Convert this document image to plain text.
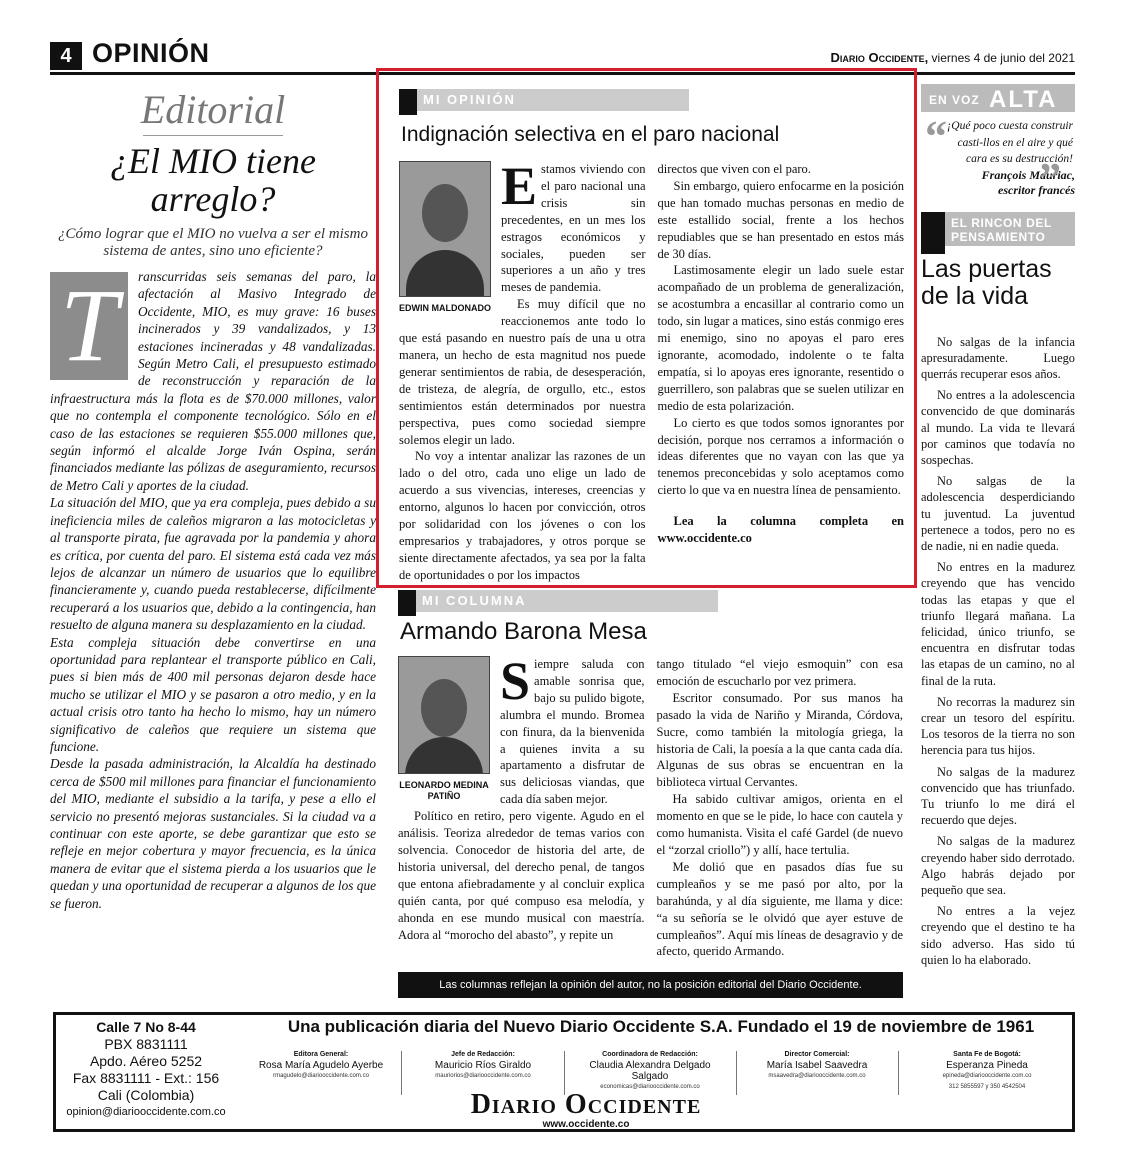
4 OPINIÓN	Diario Occidente, viernes 4 de junio del 2021
Editorial
¿El MIO tiene arreglo?
¿Cómo lograr que el MIO no vuelva a ser el mismo sistema de antes, sino uno eficiente?
T	ranscurridas seis semanas del paro, la afectación al Masivo Integrado de Occidente, MIO, es muy grave: 16 buses incinerados y 39 vandalizados, y 13 estaciones incineradas y 48 vandalizadas. Según Metro Cali, el presupuesto estimado de reconstrucción y reparación de la infraestructura más la flota es de $70.000 millones, valor que no contempla el componente tecnológico. Sólo en el caso de las estaciones se requieren $55.000 millones que, según informó el alcalde Jorge Iván Ospina, serán financiados mediante las pólizas de aseguramiento, recursos de Metro Cali y aportes de la ciudad.

La situación del MIO, que ya era compleja, pues debido a su ineficiencia miles de caleños migraron a las motocicletas y al transporte pirata, fue agravada por la pandemia y ahora es crítica, por cuenta del paro. El sistema está cada vez más lejos de alcanzar un número de usuarios que lo equilibre financieramente y, cuando pueda restablecerse, difícilmente recuperará a los usuarios que, debido a la contingencia, han resuelto de alguna manera su desplazamiento en la ciudad.

Esta compleja situación debe convertirse en una oportunidad para replantear el transporte público en Cali, pues si bien más de 400 mil personas dejaron desde hace mucho se utilizar el MIO y se pasaron a otro medio, y en la actual crisis otro tanto ha hecho lo mismo, hay un número significativo de caleños que requiere un sistema que funcione.

Desde la pasada administración, la Alcaldía ha destinado cerca de $500 mil millones para financiar el funcionamiento del MIO, mediante el subsidio a la tarifa, y pese a ello el servicio no presentó mejoras sustanciales. Si la ciudad va a continuar con este aporte, se debe garantizar que esto se refleje en mejor cobertura y mayor frecuencia, es la única manera de evitar que el sistema pierda a los usuarios que le quedan y una oportunidad de recuperar a algunos de los que se fueron.

MI OPINIÓN
Indignación selectiva en el paro nacional
EDWIN MALDONADO
E stamos viviendo con el paro nacional una crisis sin precedentes, en un mes los estragos económicos y sociales, pueden ser superiores a un año y tres meses de pandemia.

Es muy difícil que no reaccionemos ante todo lo que está pasando en nuestro país de una u otra manera, un hecho de esta magnitud nos puede generar sentimientos de rabia, de desesperación, de tristeza, de alegría, de orgullo, etc., estos sentimientos están determinados por nuestra perspectiva, pues como sociedad siempre solemos elegir un lado.

No voy a intentar analizar las razones de un lado o del otro, cada uno elige un lado de acuerdo a sus vivencias, intereses, creencias y entorno, algunos lo hacen por convicción, otros por solidaridad con los jóvenes o con los empresarios y trabajadores, y otros porque se siente directamente afectados, ya sea por la falta de oportunidades o por los impactos

directos que viven con el paro.

Sin embargo, quiero enfocarme en la posición que han tomado muchas personas en medio de este estallido social, frente a los hechos repudiables que se han presentado en estos más de 30 días.

Lastimosamente elegir un lado suele estar acompañado de un problema de generalización, se acostumbra a encasillar al contrario como un todo, sin lugar a matices, sino estás conmigo eres mi enemigo, sino no apoyas el paro eres ignorante, acomodado, indolente o te falta empatía, si lo apoyas eres ignorante, resentido o guerrillero, son palabras que se suelen utilizar en medio de esta polarización.

Lo cierto es que todos somos ignorantes por decisión, porque nos cerramos a información o ideas diferentes que no vayan con las que ya tenemos preconcebidas y solo aceptamos como cierto lo que va en nuestra línea de pensamiento.

Lea la columna completa en www.occidente.co

MI COLUMNA
Armando Barona Mesa
LEONARDO MEDINA PATIÑO
S iempre saluda con amable sonrisa que, bajo su pulido bigote, alumbra el mundo. Bromea con finura, da la bienvenida a quienes invita a su apartamento a disfrutar de sus deliciosas viandas, que cada día saben mejor.

Político en retiro, pero vigente. Agudo en el análisis. Teoriza alrededor de temas varios con solvencia. Conocedor de historia del arte, de historia universal, del derecho penal, de tangos que entona afiebradamente y al concluir explica quién canta, por qué compuso esa melodía, y ahonda en ese mundo musical con maestría. Adora al “morocho del abasto”, y repite un

tango titulado “el viejo esmoquin” con esa emoción de escucharlo por vez primera.

Escritor consumado. Por sus manos ha pasado la vida de Nariño y Miranda, Córdova, Sucre, como también la mitología griega, la historia de Cali, la poesía a la que canta cada día. Algunas de sus obras se encuentran en la biblioteca virtual Cervantes.

Ha sabido cultivar amigos, orienta en el momento en que se le pide, lo hace con cautela y como humanista. Visita el café Gardel (de nuevo el “zorzal criollo”) y allí, hace tertulia.

Me dolió que en pasados días fue su cumpleaños y se me pasó por alto, por la barahúnda, y al día siguiente, me llama y dice: “a su señoría se le olvidó que ayer estuve de cumpleaños”. Aquí mis líneas de desagravio y de afecto, querido Armando.

Las columnas reflejan la opinión del autor, no la posición editorial del Diario Occidente.
EN VOZ ALTA
“
”
¡Qué poco cuesta construir casti-llos en el aire y qué cara es su destrucción!
François Mauriac,
escritor francés
EL RINCON DEL PENSAMIENTO
Las puertas de la vida

No salgas de la infancia apresuradamente. Luego querrás recuperar esos años.

No entres a la adolescencia convencido de que dominarás al mundo. La vida te llevará por caminos que todavía no sospechas.

No salgas de la adolescencia desperdiciando tu juventud. La juventud pertenece a todos, pero no es de nadie, ni en nadie queda.

No entres en la madurez creyendo que has vencido todas las etapas y que el triunfo llegará mañana. La felicidad, único triunfo, se encuentra en disfrutar todas las etapas de un camino, no al final de la ruta.

No recorras la madurez sin crear un tesoro del espíritu. Los tesoros de la tierra no son herencia para tus hijos.

No salgas de la madurez convencido que has triunfado. Tu triunfo lo me dirá el recuerdo que dejes.

No salgas de la madurez creyendo haber sido derrotado. Algo habrás dejado por pequeño que sea.

No entres a la vejez creyendo que el destino te ha sido adverso. Has sido tú quien lo ha elaborado.

Calle 7 No 8-44
PBX 8831111
Apdo. Aéreo 5252
Fax 8831111 - Ext.: 156
Cali (Colombia)
opinion@diariooccidente.com.co
Una publicación diaria del Nuevo Diario Occidente S.A. Fundado el 19 de noviembre de 1961
Editora General:
Rosa María Agudelo Ayerbe
rmagudelo@diariooccidente.com.co
Jefe de Redacción:
Mauricio Ríos Giraldo
mauriorios@diariooccidente.com.co
Coordinadora de Redacción:
Claudia Alexandra Delgado Salgado
economicas@diariooccidente.com.co
Director Comercial:
María Isabel Saavedra
msaavedra@diariooccidente.com.co
Santa Fe de Bogotá:
Esperanza Pineda
epineda@diariooccidente.com.co
312 5855597 y 350 4542504
Diario Occidente
www.occidente.co
